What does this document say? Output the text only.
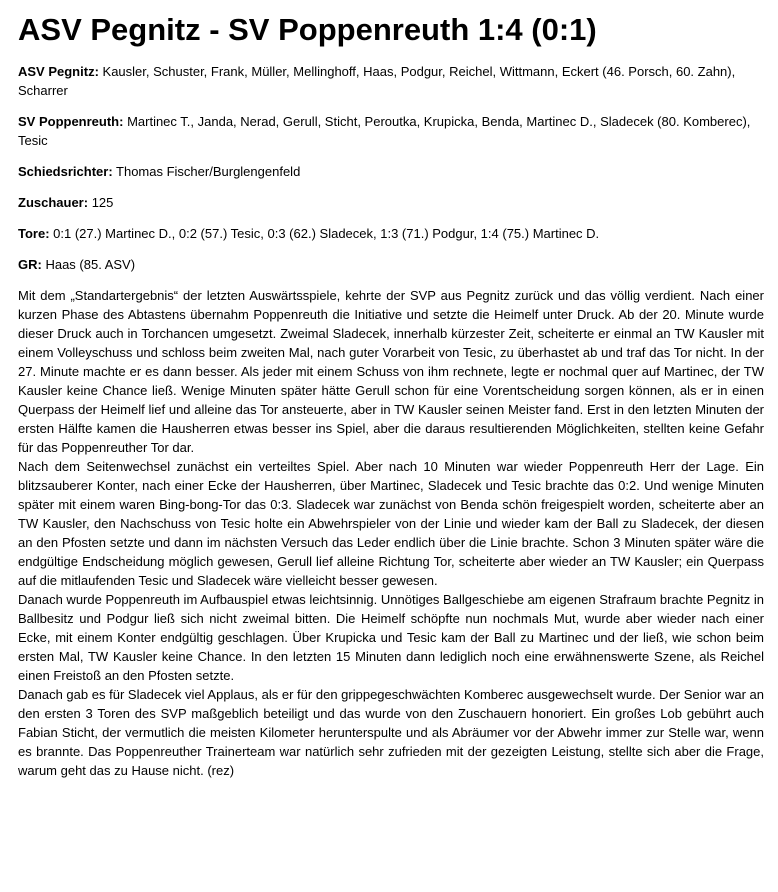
ASV Pegnitz - SV Poppenreuth 1:4 (0:1)

ASV Pegnitz: Kausler, Schuster, Frank, Müller, Mellinghoff, Haas, Podgur, Reichel, Wittmann, Eckert (46. Porsch, 60. Zahn), Scharrer

SV Poppenreuth: Martinec T., Janda, Nerad, Gerull, Sticht, Peroutka, Krupicka, Benda, Martinec D., Sladecek (80. Komberec), Tesic

Schiedsrichter: Thomas Fischer/Burglengenfeld

Zuschauer: 125

Tore: 0:1 (27.) Martinec D., 0:2 (57.) Tesic, 0:3 (62.) Sladecek, 1:3 (71.) Podgur, 1:4 (75.) Martinec D.

GR: Haas (85. ASV)

Mit dem „Standartergebnis“ der letzten Auswärtsspiele, kehrte der SVP aus Pegnitz zurück und das völlig verdient. Nach einer kurzen Phase des Abtastens übernahm Poppenreuth die Initiative und setzte die Heimelf unter Druck. Ab der 20. Minute wurde dieser Druck auch in Torchancen umgesetzt. Zweimal Sladecek, innerhalb kürzester Zeit, scheiterte er einmal an TW Kausler mit einem Volleyschuss und schloss beim zweiten Mal, nach guter Vorarbeit von Tesic, zu überhastet ab und traf das Tor nicht. In der 27. Minute machte er es dann besser. Als jeder mit einem Schuss von ihm rechnete, legte er nochmal quer auf Martinec, der TW Kausler keine Chance ließ. Wenige Minuten später hätte Gerull schon für eine Vorentscheidung sorgen können, als er in einen Querpass der Heimelf lief und alleine das Tor ansteuerte, aber in TW Kausler seinen Meister fand. Erst in den letzten Minuten der ersten Hälfte kamen die Hausherren etwas besser ins Spiel, aber die daraus resultierenden Möglichkeiten, stellten keine Gefahr für das Poppenreuther Tor dar.

Nach dem Seitenwechsel zunächst ein verteiltes Spiel. Aber nach 10 Minuten war wieder Poppenreuth Herr der Lage. Ein blitzsauberer Konter, nach einer Ecke der Hausherren, über Martinec, Sladecek und Tesic brachte das 0:2. Und wenige Minuten später mit einem waren Bing-bong-Tor das 0:3. Sladecek war zunächst von Benda schön freigespielt worden, scheiterte aber an TW Kausler, den Nachschuss von Tesic holte ein Abwehrspieler von der Linie und wieder kam der Ball zu Sladecek, der diesen an den Pfosten setzte und dann im nächsten Versuch das Leder endlich über die Linie brachte. Schon 3 Minuten später wäre die endgültige Endscheidung möglich gewesen, Gerull lief alleine Richtung Tor, scheiterte aber wieder an TW Kausler; ein Querpass auf die mitlaufenden Tesic und Sladecek wäre vielleicht besser gewesen.

Danach wurde Poppenreuth im Aufbauspiel etwas leichtsinnig. Unnötiges Ballgeschiebe am eigenen Strafraum brachte Pegnitz in Ballbesitz und Podgur ließ sich nicht zweimal bitten. Die Heimelf schöpfte nun nochmals Mut, wurde aber wieder nach einer Ecke, mit einem Konter endgültig geschlagen. Über Krupicka und Tesic kam der Ball zu Martinec und der ließ, wie schon beim ersten Mal, TW Kausler keine Chance. In den letzten 15 Minuten dann lediglich noch eine erwähnenswerte Szene, als Reichel einen Freistoß an den Pfosten setzte.

Danach gab es für Sladecek viel Applaus, als er für den grippegeschwächten Komberec ausgewechselt wurde. Der Senior war an den ersten 3 Toren des SVP maßgeblich beteiligt und das wurde von den Zuschauern honoriert. Ein großes Lob gebührt auch Fabian Sticht, der vermutlich die meisten Kilometer herunterspulte und als Abräumer vor der Abwehr immer zur Stelle war, wenn es brannte. Das Poppenreuther Trainerteam war natürlich sehr zufrieden mit der gezeigten Leistung, stellte sich aber die Frage, warum geht das zu Hause nicht. (rez)
